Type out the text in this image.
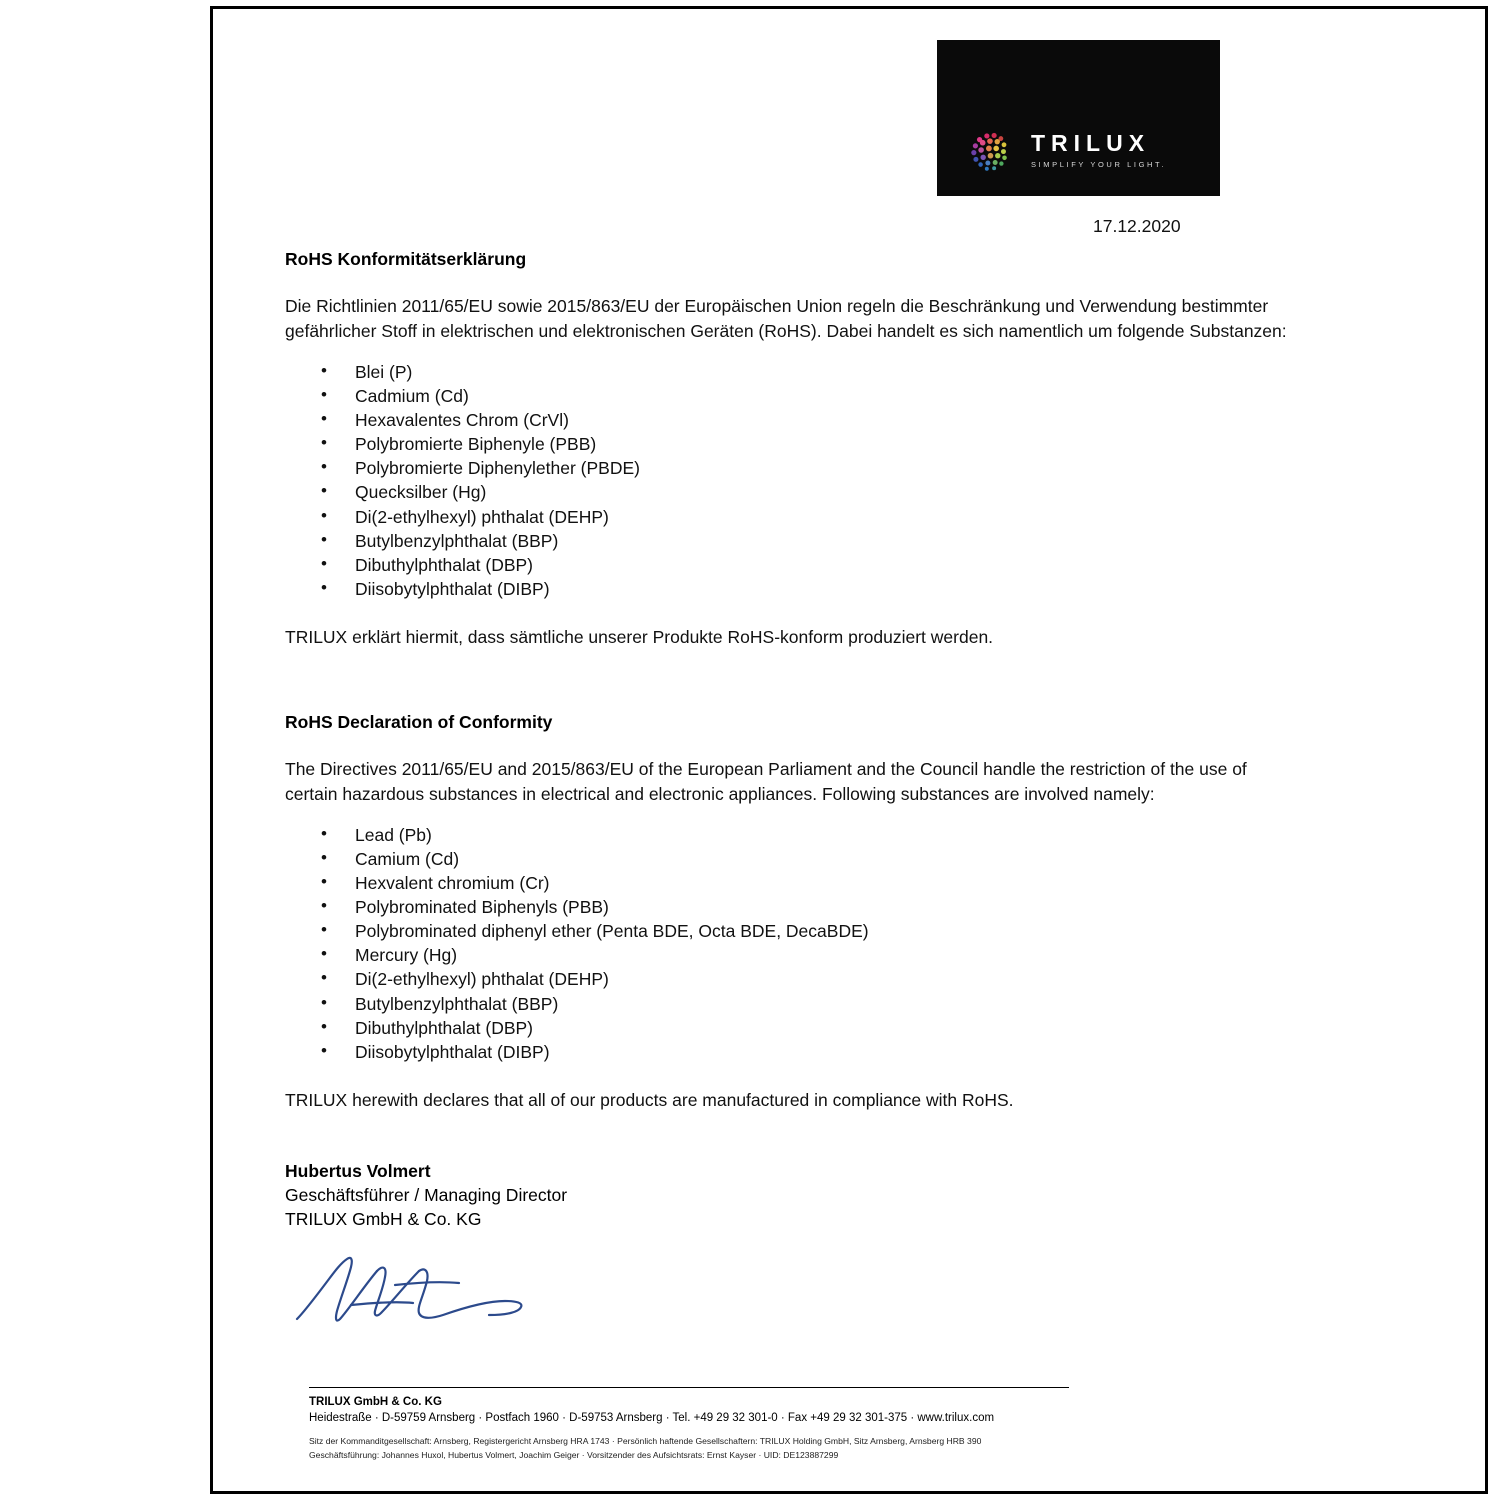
TRILUX
SIMPLIFY YOUR LIGHT.
17.12.2020
RoHS Konformitätserklärung

Die Richtlinien 2011/65/EU sowie 2015/863/EU der Europäischen Union regeln die Beschränkung und Verwendung bestimmter gefährlicher Stoff in elektrischen und elektronischen Geräten (RoHS). Dabei handelt es sich namentlich um folgende Substanzen:

• Blei (P)
• Cadmium (Cd)
• Hexavalentes Chrom (CrVl)
• Polybromierte Biphenyle (PBB)
• Polybromierte Diphenylether (PBDE)
• Quecksilber (Hg)
• Di(2-ethylhexyl) phthalat (DEHP)
• Butylbenzylphthalat (BBP)
• Dibuthylphthalat (DBP)
• Diisobytylphthalat (DIBP)

TRILUX erklärt hiermit, dass sämtliche unserer Produkte RoHS-konform produziert werden.

RoHS Declaration of Conformity

The Directives 2011/65/EU and 2015/863/EU of the European Parliament and the Council handle the restriction of the use of certain hazardous substances in electrical and electronic appliances. Following substances are involved namely:

• Lead (Pb)
• Camium (Cd)
• Hexvalent chromium (Cr)
• Polybrominated Biphenyls (PBB)
• Polybrominated diphenyl ether (Penta BDE, Octa BDE, DecaBDE)
• Mercury (Hg)
• Di(2-ethylhexyl) phthalat (DEHP)
• Butylbenzylphthalat (BBP)
• Dibuthylphthalat (DBP)
• Diisobytylphthalat (DIBP)

TRILUX herewith declares that all of our products are manufactured in compliance with RoHS.

Hubertus Volmert
Geschäftsführer / Managing Director
TRILUX GmbH & Co. KG
TRILUX GmbH & Co. KG
Heidestraße · D-59759 Arnsberg · Postfach 1960 · D-59753 Arnsberg · Tel. +49 29 32 301-0 · Fax +49 29 32 301-375 · www.trilux.com
Sitz der Kommanditgesellschaft: Arnsberg, Registergericht Arnsberg HRA 1743 · Persönlich haftende Gesellschaftern: TRILUX Holding GmbH, Sitz Arnsberg, Arnsberg HRB 390
Geschäftsführung: Johannes Huxol, Hubertus Volmert, Joachim Geiger · Vorsitzender des Aufsichtsrats: Ernst Kayser · UID: DE123887299
